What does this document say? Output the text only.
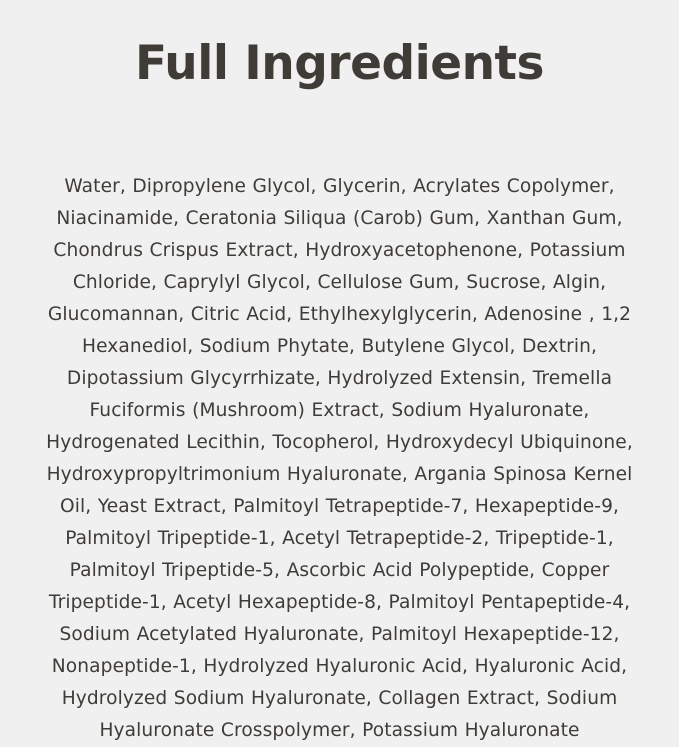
Full Ingredients
Water, Dipropylene Glycol, Glycerin, Acrylates Copolymer, Niacinamide, Ceratonia Siliqua (Carob) Gum, Xanthan Gum, Chondrus Crispus Extract, Hydroxyacetophenone, Potassium Chloride, Caprylyl Glycol, Cellulose Gum, Sucrose, Algin, Glucomannan, Citric Acid, Ethylhexylglycerin, Adenosine , 1,2 Hexanediol, Sodium Phytate, Butylene Glycol, Dextrin, Dipotassium Glycyrrhizate, Hydrolyzed Extensin, Tremella Fuciformis (Mushroom) Extract, Sodium Hyaluronate, Hydrogenated Lecithin, Tocopherol, Hydroxydecyl Ubiquinone, Hydroxypropyltrimonium Hyaluronate, Argania Spinosa Kernel Oil, Yeast Extract, Palmitoyl Tetrapeptide-7, Hexapeptide-9, Palmitoyl Tripeptide-1, Acetyl Tetrapeptide-2, Tripeptide-1, Palmitoyl Tripeptide-5, Ascorbic Acid Polypeptide, Copper Tripeptide-1, Acetyl Hexapeptide-8, Palmitoyl Pentapeptide-4, Sodium Acetylated Hyaluronate, Palmitoyl Hexapeptide-12, Nonapeptide-1, Hydrolyzed Hyaluronic Acid, Hyaluronic Acid, Hydrolyzed Sodium Hyaluronate, Collagen Extract, Sodium Hyaluronate Crosspolymer, Potassium Hyaluronate
